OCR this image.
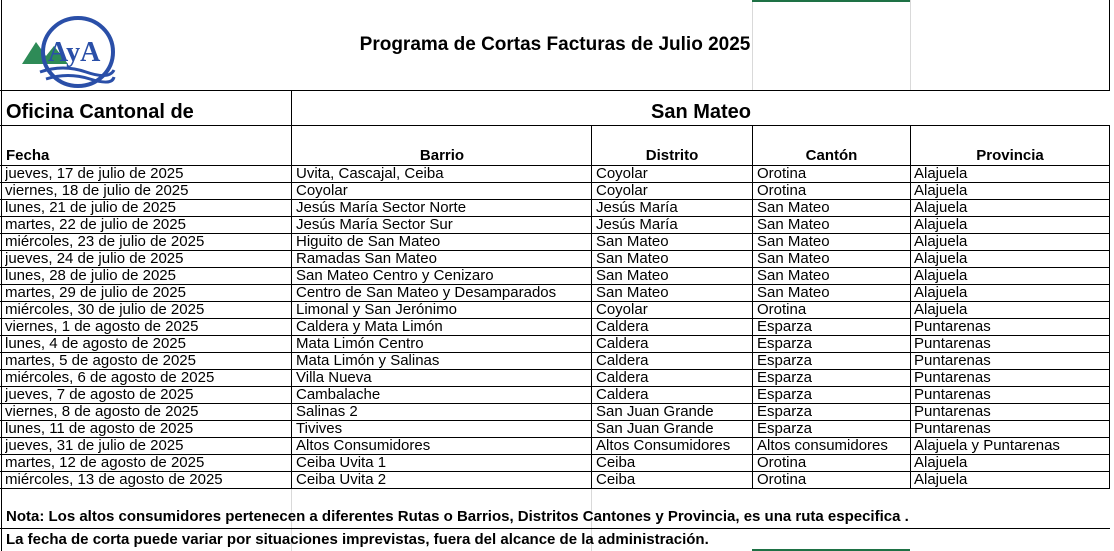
AyA	Programa de Cortas Facturas de Julio 2025
Oficina Cantonal de	San Mateo
Fecha	Barrio	Distrito	Cantón	Provincia
jueves, 17 de julio de 2025	Uvita, Cascajal, Ceiba	Coyolar	Orotina	Alajuela
viernes, 18 de julio de 2025	Coyolar	Coyolar	Orotina	Alajuela
lunes, 21 de julio de 2025	Jesús María Sector Norte	Jesús María	San Mateo	Alajuela
martes, 22 de julio de 2025	Jesús María Sector Sur	Jesús María	San Mateo	Alajuela
miércoles, 23 de julio de 2025	Higuito de San Mateo	San Mateo	San Mateo	Alajuela
jueves, 24 de julio de 2025	Ramadas San Mateo	San Mateo	San Mateo	Alajuela
lunes, 28 de julio de 2025	San Mateo Centro y Cenizaro	San Mateo	San Mateo	Alajuela
martes, 29 de julio de 2025	Centro de San Mateo y Desamparados	San Mateo	San Mateo	Alajuela
miércoles, 30 de julio de 2025	Limonal y San Jerónimo	Coyolar	Orotina	Alajuela
viernes, 1 de agosto de 2025	Caldera y Mata Limón	Caldera	Esparza	Puntarenas
lunes, 4 de agosto de 2025	Mata Limón Centro	Caldera	Esparza	Puntarenas
martes, 5 de agosto de 2025	Mata Limón y Salinas	Caldera	Esparza	Puntarenas
miércoles, 6 de agosto de 2025	Villa Nueva	Caldera	Esparza	Puntarenas
jueves, 7 de agosto de 2025	Cambalache	Caldera	Esparza	Puntarenas
viernes, 8 de agosto de 2025	Salinas 2	San Juan Grande	Esparza	Puntarenas
lunes, 11 de agosto de 2025	Tivives	San Juan Grande	Esparza	Puntarenas
jueves, 31 de julio de 2025	Altos Consumidores	Altos Consumidores	Altos consumidores	Alajuela y Puntarenas
martes, 12 de agosto de 2025	Ceiba Uvita 1	Ceiba	Orotina	Alajuela
miércoles, 13 de agosto de 2025	Ceiba Uvita 2	Ceiba	Orotina	Alajuela
Nota: Los altos consumidores pertenecen a diferentes Rutas o Barrios, Distritos Cantones y Provincia, es una ruta especifica .
La fecha de corta puede variar por situaciones imprevistas, fuera del alcance de la administración.
